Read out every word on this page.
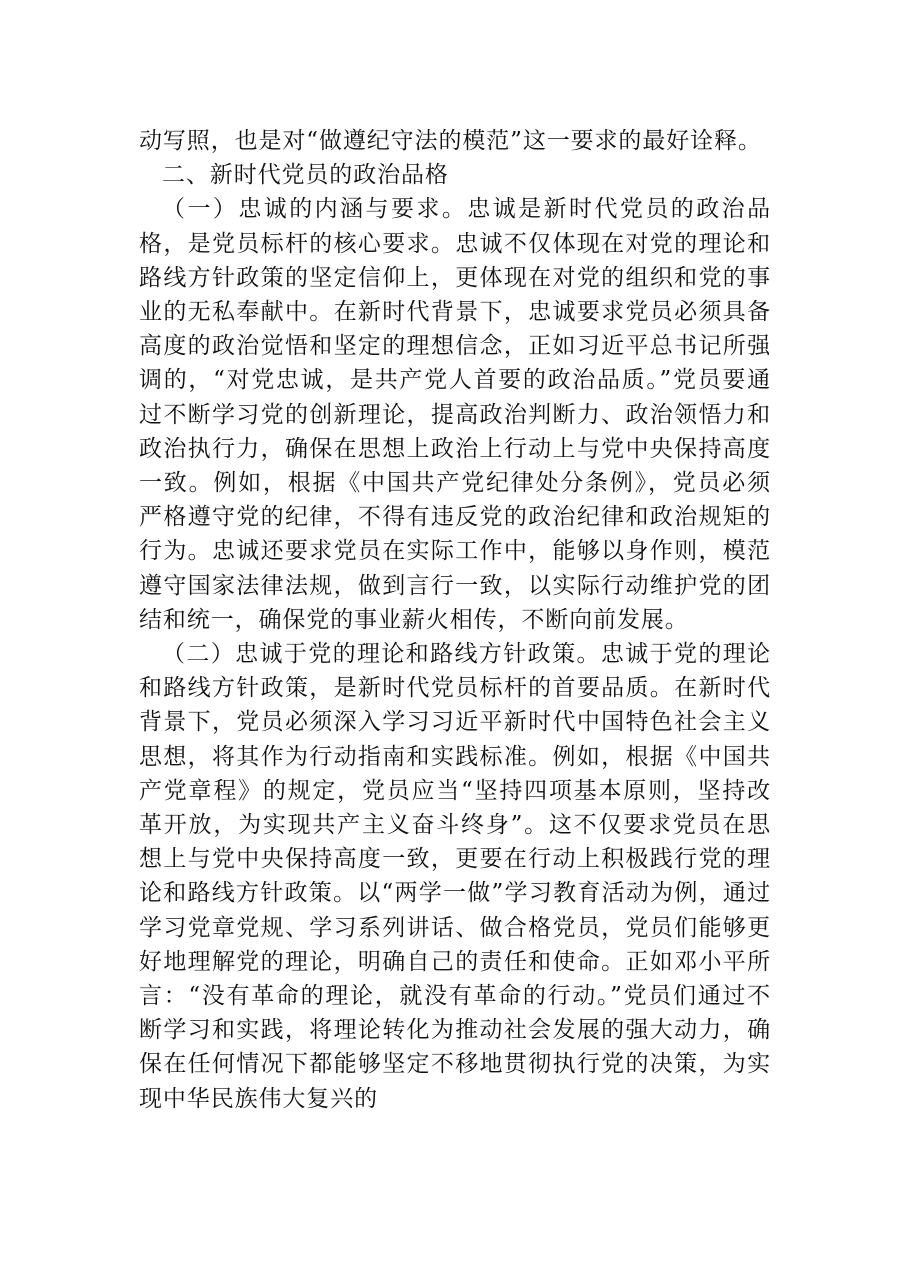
动写照，也是对“做遵纪守法的模范”这一要求的最好诠释。

二、新时代党员的政治品格

（一）忠诚的内涵与要求。忠诚是新时代党员的政治品格，是党员标杆的核心要求。忠诚不仅体现在对党的理论和路线方针政策的坚定信仰上，更体现在对党的组织和党的事业的无私奉献中。在新时代背景下，忠诚要求党员必须具备高度的政治觉悟和坚定的理想信念，正如习近平总书记所强调的，“对党忠诚，是共产党人首要的政治品质。”党员要通过不断学习党的创新理论，提高政治判断力、政治领悟力和政治执行力，确保在思想上政治上行动上与党中央保持高度一致。例如，根据《中国共产党纪律处分条例》，党员必须严格遵守党的纪律，不得有违反党的政治纪律和政治规矩的行为。忠诚还要求党员在实际工作中，能够以身作则，模范遵守国家法律法规，做到言行一致，以实际行动维护党的团结和统一，确保党的事业薪火相传，不断向前发展。

（二）忠诚于党的理论和路线方针政策。忠诚于党的理论和路线方针政策，是新时代党员标杆的首要品质。在新时代背景下，党员必须深入学习习近平新时代中国特色社会主义思想，将其作为行动指南和实践标准。例如，根据《中国共产党章程》的规定，党员应当“坚持四项基本原则，坚持改革开放，为实现共产主义奋斗终身”。这不仅要求党员在思想上与党中央保持高度一致，更要在行动上积极践行党的理论和路线方针政策。以“两学一做”学习教育活动为例，通过学习党章党规、学习系列讲话、做合格党员，党员们能够更好地理解党的理论，明确自己的责任和使命。正如邓小平所言：“没有革命的理论，就没有革命的行动。”党员们通过不断学习和实践，将理论转化为推动社会发展的强大动力，确保在任何情况下都能够坚定不移地贯彻执行党的决策，为实现中华民族伟大复兴的
